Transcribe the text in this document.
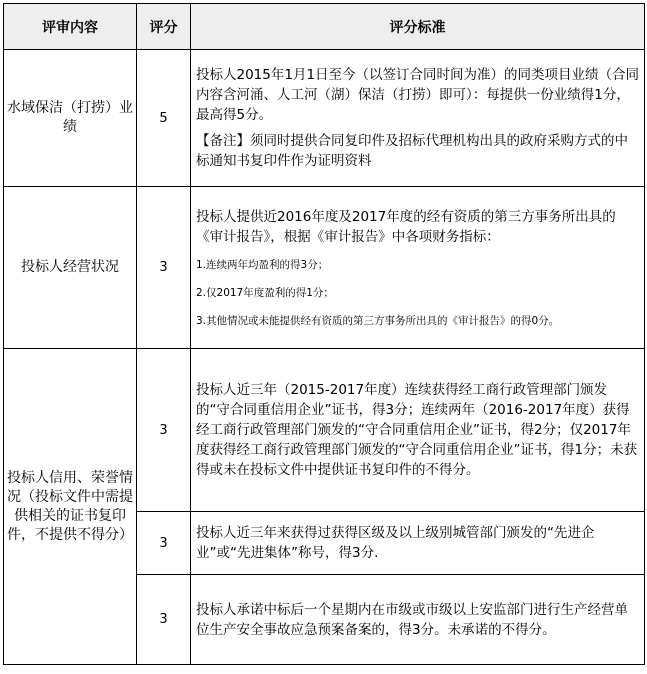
评审内容	评分	评分标准
水域保洁（打捞）业绩	5	投标人2015年1月1日至今（以签订合同时间为准）的同类项目业绩（合同内容含河涌、人工河（湖）保洁（打捞）即可）：每提供一份业绩得1分，最高得5分。

【备注】须同时提供合同复印件及招标代理机构出具的政府采购方式的中标通知书复印件作为证明资料

投标人经营状况	3	投标人提供近2016年度及2017年度的经有资质的第三方事务所出具的《审计报告》，根据《审计报告》中各项财务指标：

1.连续两年均盈利的得3分；

2.仅2017年度盈利的得1分；

3.其他情况或未能提供经有资质的第三方事务所出具的《审计报告》的得0分。

投标人信用、荣誉情况（投标文件中需提供相关的证书复印件，不提供不得分）	3	投标人近三年（2015-2017年度）连续获得经工商行政管理部门颁发的“守合同重信用企业”证书，得3分；连续两年（2016-2017年度）获得经工商行政管理部门颁发的“守合同重信用企业”证书，得2分；仅2017年度获得经工商行政管理部门颁发的“守合同重信用企业”证书，得1分；未获得或未在投标文件中提供证书复印件的不得分。

	3	投标人近三年来获得过获得区级及以上级别城管部门颁发的“先进企业”或“先进集体”称号，得3分.

	3	投标人承诺中标后一个星期内在市级或市级以上安监部门进行生产经营单位生产安全事故应急预案备案的，得3分。未承诺的不得分。
